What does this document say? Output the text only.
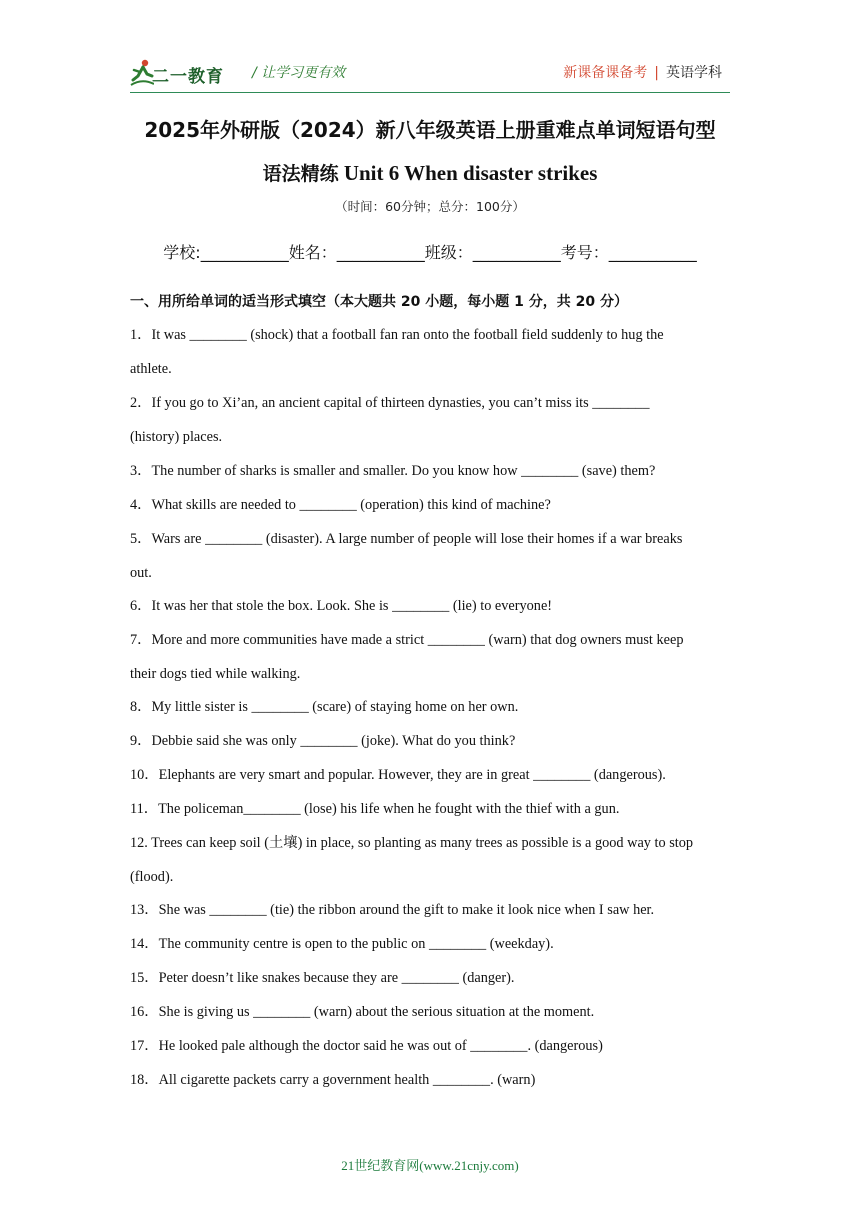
二一教育 / 让学习更有效	新课备课备考 | 英语学科
2025年外研版（2024）新八年级英语上册重难点单词短语句型
语法精练 Unit 6 When disaster strikes
（时间：60分钟；总分：100分）
学校:___________姓名：___________班级：___________考号：___________
一、用所给单词的适当形式填空（本大题共 20 小题，每小题 1 分，共 20 分）
1．It was ________ (shock) that a football fan ran onto the football field suddenly to hug the
athlete.
2．If you go to Xi’an, an ancient capital of thirteen dynasties, you can’t miss its ________
(history) places.
3．The number of sharks is smaller and smaller. Do you know how ________ (save) them?
4．What skills are needed to ________ (operation) this kind of machine?
5．Wars are ________ (disaster). A large number of people will lose their homes if a war breaks
out.
6．It was her that stole the box. Look. She is ________ (lie) to everyone!
7．More and more communities have made a strict ________ (warn) that dog owners must keep
their dogs tied while walking.
8．My little sister is ________ (scare) of staying home on her own.
9．Debbie said she was only ________ (joke). What do you think?
10．Elephants are very smart and popular. However, they are in great ________ (dangerous).
11．The policeman________ (lose) his life when he fought with the thief with a gun.
12. Trees can keep soil (土壤) in place, so planting as many trees as possible is a good way to stop
(flood).
13．She was ________ (tie) the ribbon around the gift to make it look nice when I saw her.
14．The community centre is open to the public on ________ (weekday).
15．Peter doesn’t like snakes because they are ________ (danger).
16．She is giving us ________ (warn) about the serious situation at the moment.
17．He looked pale although the doctor said he was out of ________. (dangerous)
18．All cigarette packets carry a government health ________. (warn)
21世纪教育网(www.21cnjy.com)
